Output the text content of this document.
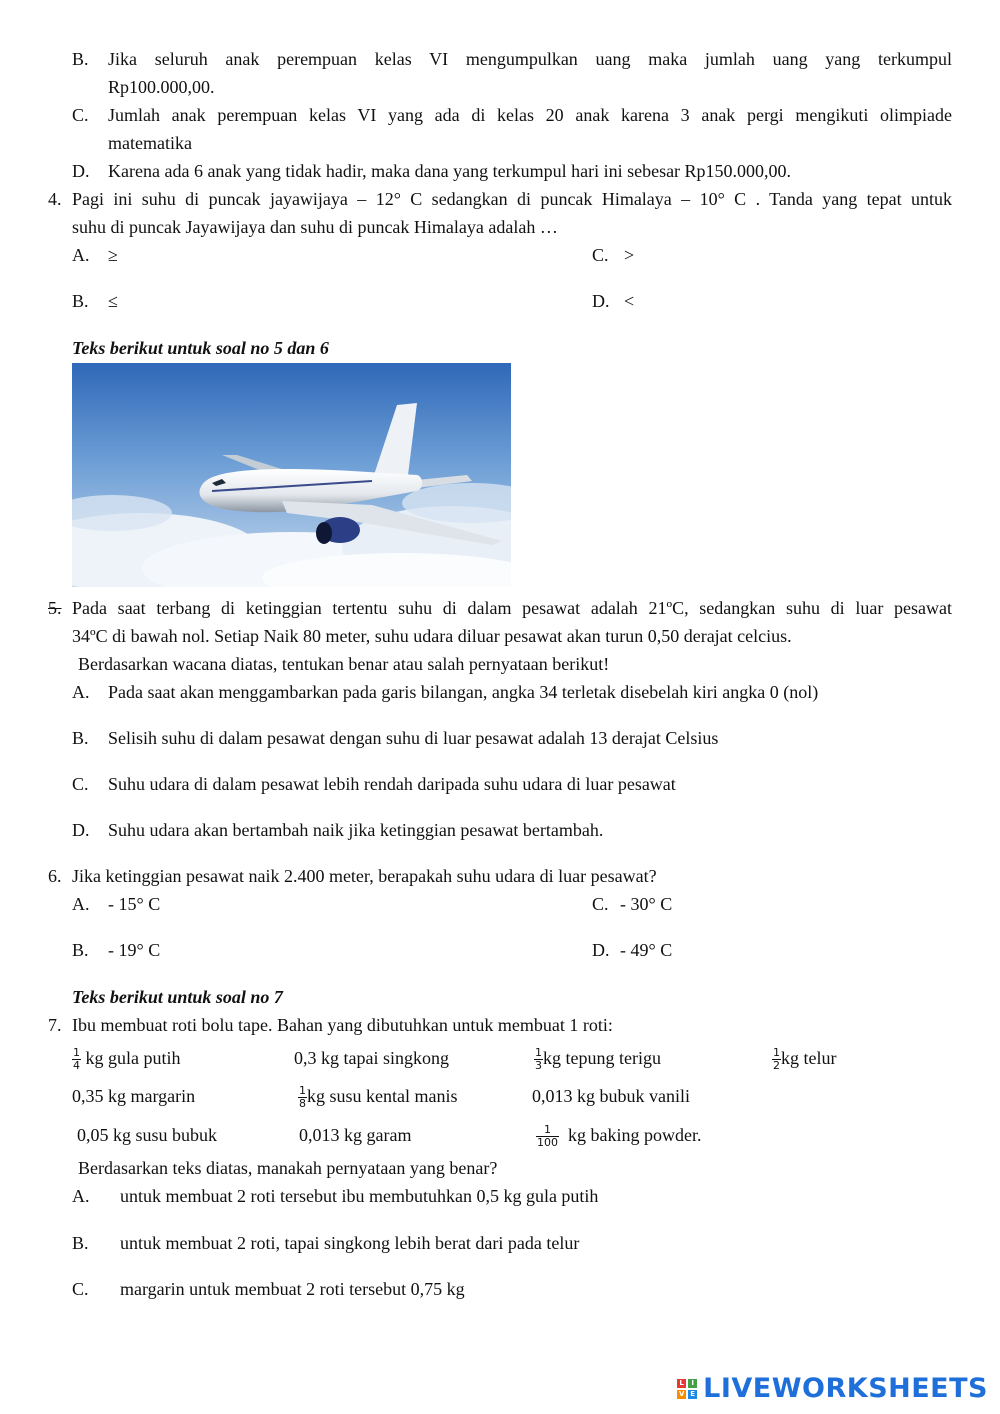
B. Jika seluruh anak perempuan kelas VI mengumpulkan uang maka jumlah uang yang terkumpul
Rp100.000,00.
C. Jumlah anak perempuan kelas VI yang ada di kelas 20 anak karena 3 anak pergi mengikuti olimpiade
matematika
D. Karena ada 6 anak yang tidak hadir, maka dana yang terkumpul hari ini sebesar Rp150.000,00.
4. Pagi ini suhu di puncak jayawijaya – 12° C sedangkan di puncak Himalaya – 10° C . Tanda yang tepat untuk
suhu di puncak Jayawijaya dan suhu di puncak Himalaya adalah …
A. ≥	C. >
B. ≤	D. <
Teks berikut untuk soal no 5 dan 6
5. Pada saat terbang di ketinggian tertentu suhu di dalam pesawat adalah 21ºC, sedangkan suhu di luar pesawat
34ºC di bawah nol. Setiap Naik 80 meter, suhu udara diluar pesawat akan turun 0,50 derajat celcius.
Berdasarkan wacana diatas, tentukan benar atau salah pernyataan berikut!
A. Pada saat akan menggambarkan pada garis bilangan, angka 34 terletak disebelah kiri angka 0 (nol)
B. Selisih suhu di dalam pesawat dengan suhu di luar pesawat adalah 13 derajat Celsius
C. Suhu udara di dalam pesawat lebih rendah daripada suhu udara di luar pesawat
D. Suhu udara akan bertambah naik jika ketinggian pesawat bertambah.
6. Jika ketinggian pesawat naik 2.400 meter, berapakah suhu udara di luar pesawat?
A. - 15° C	C. - 30° C
B. - 19° C	D. - 49° C
Teks berikut untuk soal no 7
7. Ibu membuat roti bolu tape. Bahan yang dibutuhkan untuk membuat 1 roti:
$\frac{1}{4}$ kg gula putih	0,3 kg tapai singkong	$\frac{1}{3}$ kg tepung terigu	$\frac{1}{2}$ kg telur
0,35 kg margarin	$\frac{1}{8}$ kg susu kental manis	0,013 kg bubuk vanili
0,05 kg susu bubuk	0,013 kg garam	$\frac{1}{100}$ kg baking powder.
Berdasarkan teks diatas, manakah pernyataan yang benar?
A. untuk membuat 2 roti tersebut ibu membutuhkan 0,5 kg gula putih
B. untuk membuat 2 roti, tapai singkong lebih berat dari pada telur
C. margarin untuk membuat 2 roti tersebut 0,75 kg
L	I
V E LIVEWORKSHEETS
